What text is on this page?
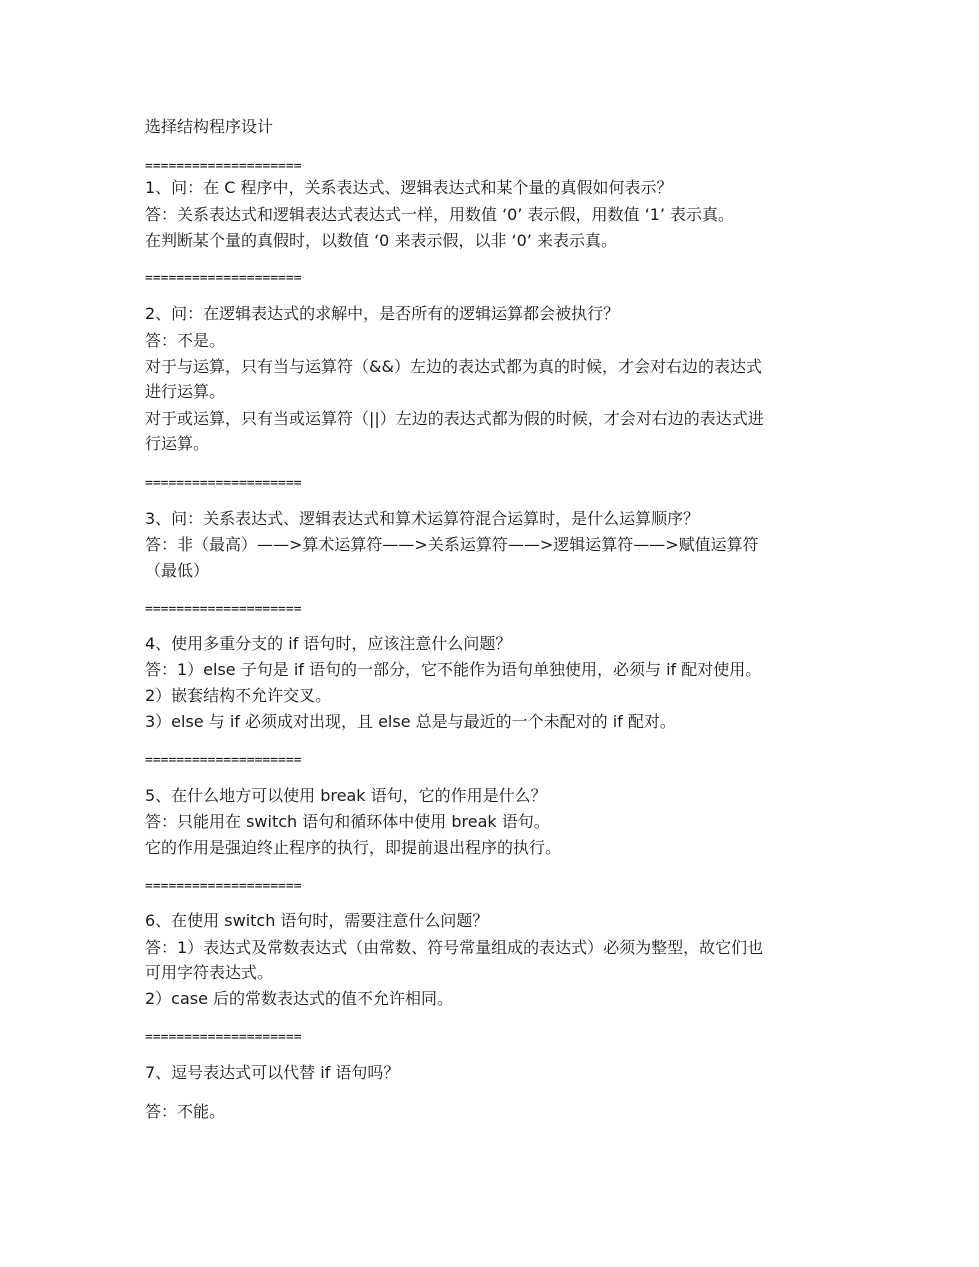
选择结构程序设计
====================
1、问：在 C 程序中，关系表达式、逻辑表达式和某个量的真假如何表示？
答：关系表达式和逻辑表达式表达式一样，用数值 ‘0’ 表示假，用数值 ‘1’ 表示真。
在判断某个量的真假时，以数值 ‘0 来表示假，以非 ‘0’ 来表示真。
====================
2、问：在逻辑表达式的求解中，是否所有的逻辑运算都会被执行？
答：不是。
对于与运算，只有当与运算符（&&）左边的表达式都为真的时候，才会对右边的表达式
进行运算。
对于或运算，只有当或运算符（||）左边的表达式都为假的时候，才会对右边的表达式进
行运算。
====================
3、问：关系表达式、逻辑表达式和算术运算符混合运算时，是什么运算顺序？
答：非（最高）——>算术运算符——>关系运算符——>逻辑运算符——>赋值运算符
（最低）
====================
4、使用多重分支的 if 语句时，应该注意什么问题？
答：1）else 子句是 if 语句的一部分，它不能作为语句单独使用，必须与 if 配对使用。
2）嵌套结构不允许交叉。
3）else 与 if 必须成对出现，且 else 总是与最近的一个未配对的 if 配对。
====================
5、在什么地方可以使用 break 语句，它的作用是什么？
答：只能用在 switch 语句和循环体中使用 break 语句。
它的作用是强迫终止程序的执行，即提前退出程序的执行。
====================
6、在使用 switch 语句时，需要注意什么问题？
答：1）表达式及常数表达式（由常数、符号常量组成的表达式）必须为整型，故它们也
可用字符表达式。
2）case 后的常数表达式的值不允许相同。
====================
7、逗号表达式可以代替 if 语句吗？
答：不能。
